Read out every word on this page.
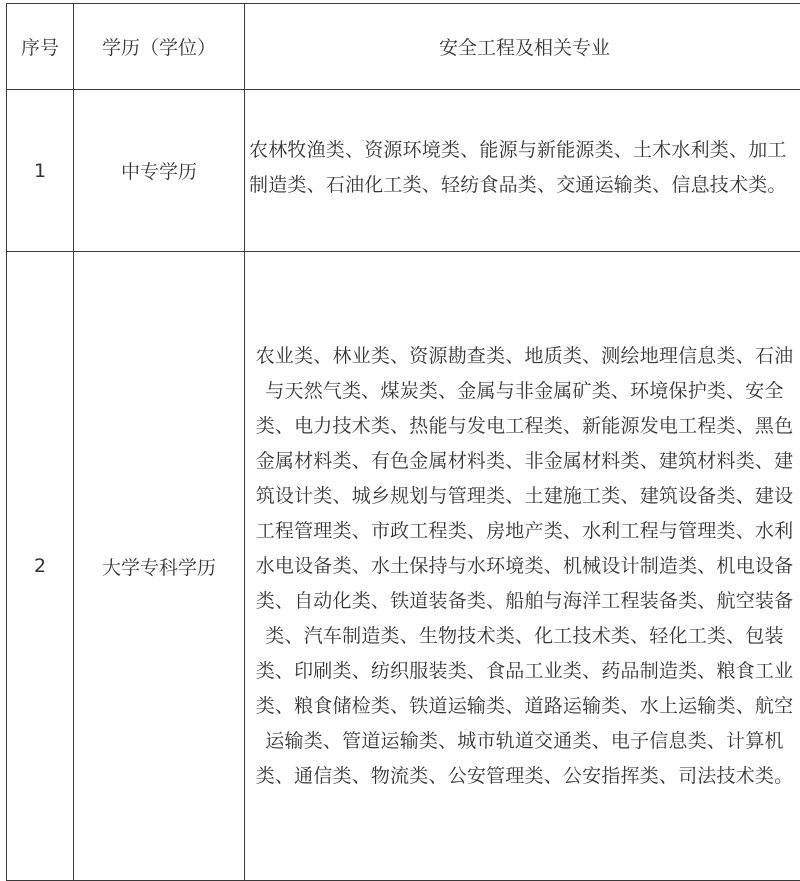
序号	学历（学位）	安全工程及相关专业
1	中专学历	农林牧渔类、资源环境类、能源与新能源类、土木水利类、加工制造类、石油化工类、轻纺食品类、交通运输类、信息技术类。
2	大学专科学历	农业类、林业类、资源勘查类、地质类、测绘地理信息类、石油与天然气类、煤炭类、金属与非金属矿类、环境保护类、安全类、电力技术类、热能与发电工程类、新能源发电工程类、黑色金属材料类、有色金属材料类、非金属材料类、建筑材料类、建筑设计类、城乡规划与管理类、土建施工类、建筑设备类、建设工程管理类、市政工程类、房地产类、水利工程与管理类、水利水电设备类、水土保持与水环境类、机械设计制造类、机电设备类、自动化类、铁道装备类、船舶与海洋工程装备类、航空装备类、汽车制造类、生物技术类、化工技术类、轻化工类、包装类、印刷类、纺织服装类、食品工业类、药品制造类、粮食工业类、粮食储检类、铁道运输类、道路运输类、水上运输类、航空运输类、管道运输类、城市轨道交通类、电子信息类、计算机类、通信类、物流类、公安管理类、公安指挥类、司法技术类。
